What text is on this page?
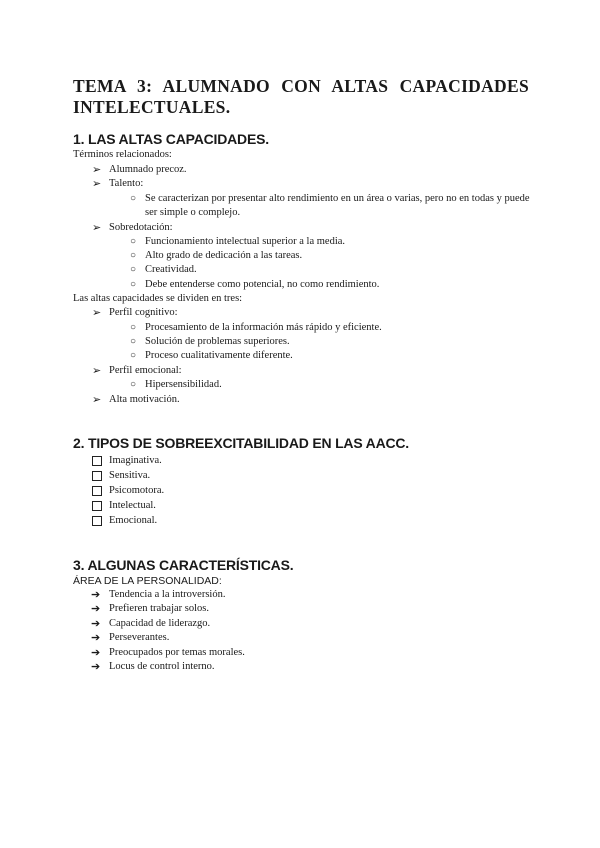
TEMA 3: ALUMNADO CON ALTAS CAPACIDADES INTELECTUALES.
1. LAS ALTAS CAPACIDADES.
Términos relacionados:
➢ Alumnado precoz.
➢ Talento:
○ Se caracterizan por presentar alto rendimiento en un área o varias, pero no en todas y puede ser simple o complejo.
➢ Sobredotación:
○ Funcionamiento intelectual superior a la media.
○ Alto grado de dedicación a las tareas.
○ Creatividad.
○ Debe entenderse como potencial, no como rendimiento.
Las altas capacidades se dividen en tres:
➢ Perfil cognitivo:
○ Procesamiento de la información más rápido y eficiente.
○ Solución de problemas superiores.
○ Proceso cualitativamente diferente.
➢ Perfil emocional:
○ Hipersensibilidad.
➢ Alta motivación.
2. TIPOS DE SOBREEXCITABILIDAD EN LAS AACC.
Imaginativa.
Sensitiva.
Psicomotora.
Intelectual.
Emocional.
3. ALGUNAS CARACTERÍSTICAS.
ÁREA DE LA PERSONALIDAD:
➔ Tendencia a la introversión.
➔ Prefieren trabajar solos.
➔ Capacidad de liderazgo.
➔ Perseverantes.
➔ Preocupados por temas morales.
➔ Locus de control interno.
